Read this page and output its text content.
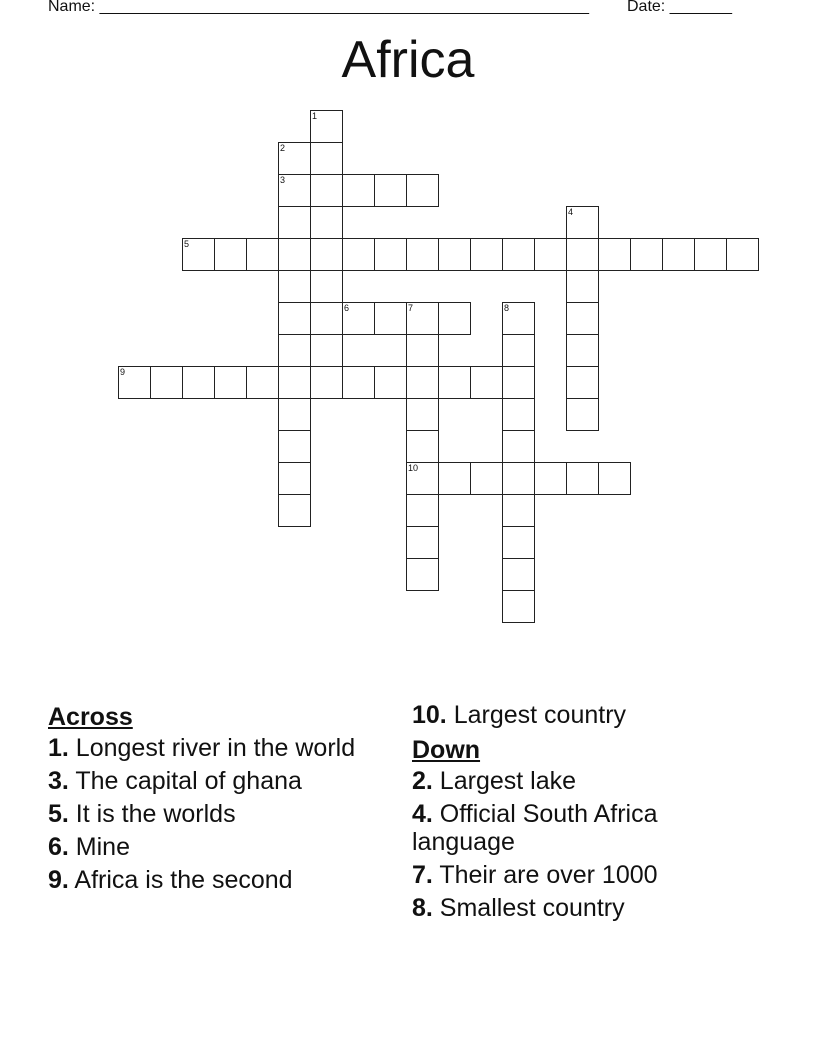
Name: _______________________________________________________ Date: _______
Africa
1
2
3
5
4
6	7
10
8
9
Across
1. Longest river in the world
3. The capital of ghana
5. It is the worlds
6. Mine
9. Africa is the second
10. Largest country
Down
2. Largest lake
4. Official South Africa language
7. Their are over 1000
8. Smallest country
